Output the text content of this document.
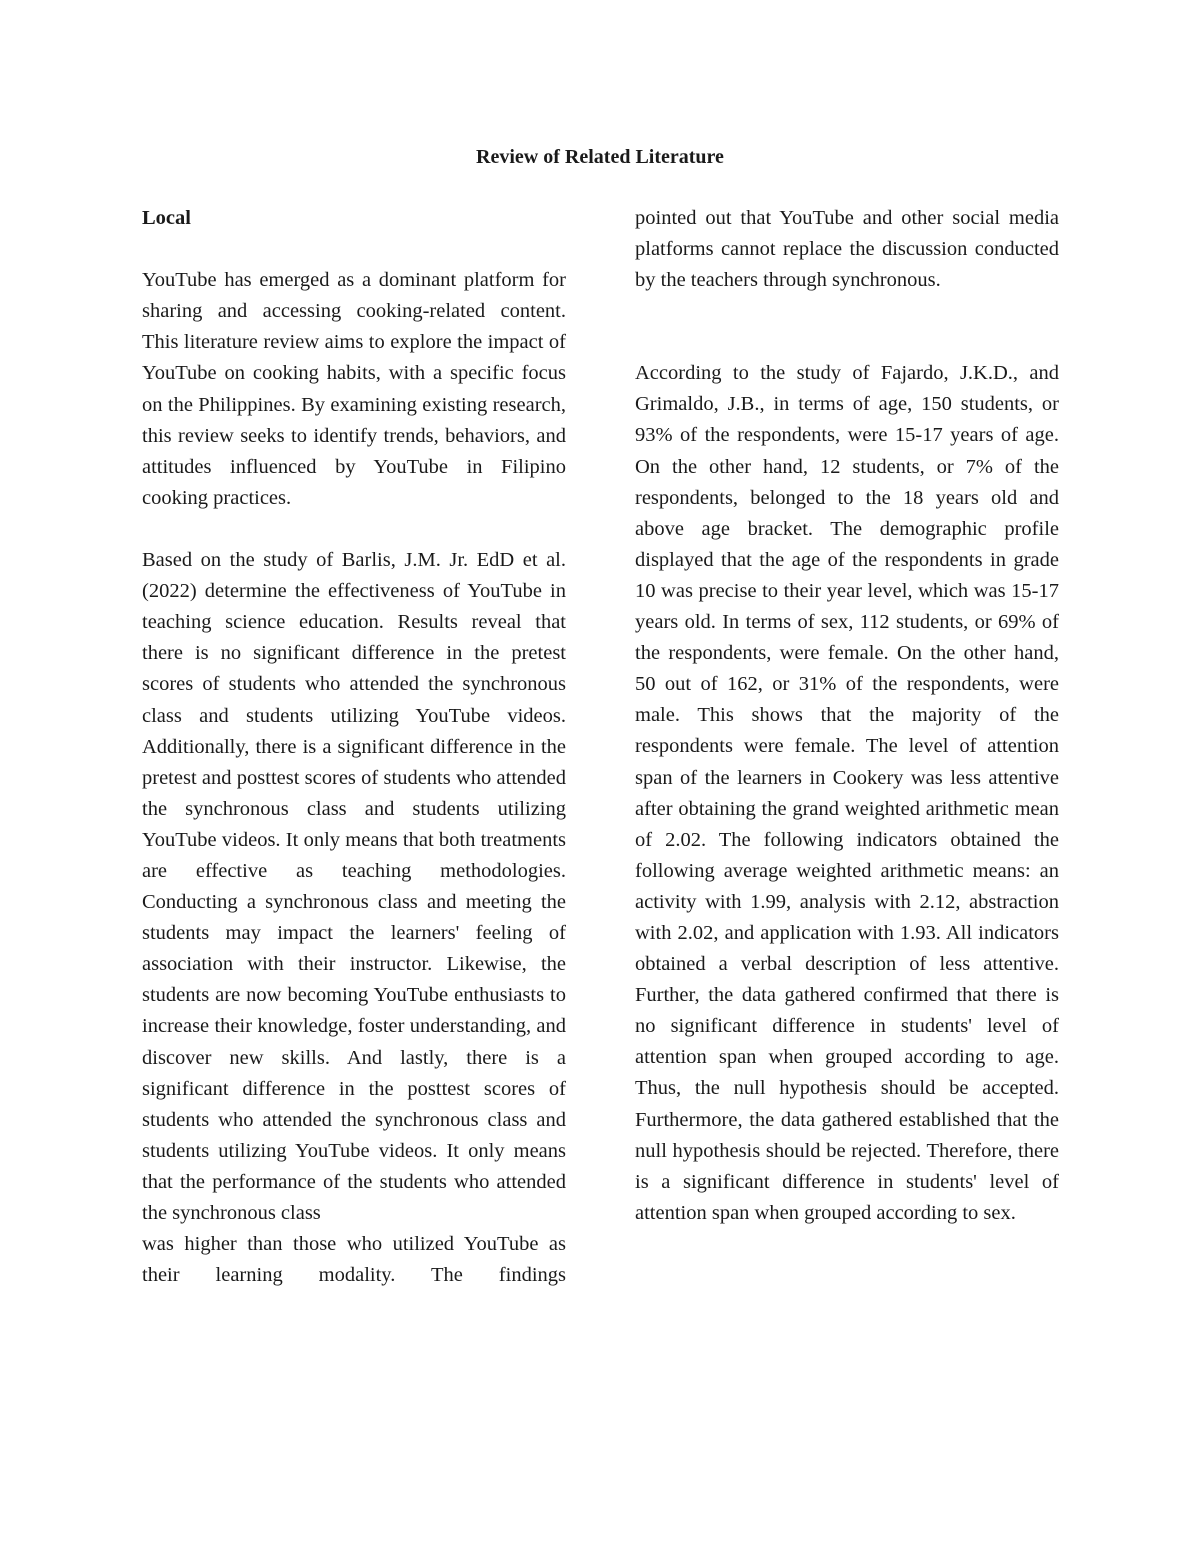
Review of Related Literature
Local

YouTube has emerged as a dominant platform for sharing and accessing cooking-related content. This literature review aims to explore the impact of YouTube on cooking habits, with a specific focus on the Philippines. By examining existing research, this review seeks to identify trends, behaviors, and attitudes influenced by YouTube in Filipino cooking practices.

Based on the study of Barlis, J.M. Jr. EdD et al. (2022) determine the effectiveness of YouTube in teaching science education. Results reveal that there is no significant difference in the pretest scores of students who attended the synchronous class and students utilizing YouTube videos. Additionally, there is a significant difference in the pretest and posttest scores of students who attended the synchronous class and students utilizing YouTube videos. It only means that both treatments are effective as teaching methodologies. Conducting a synchronous class and meeting the students may impact the learners' feeling of association with their instructor. Likewise, the students are now becoming YouTube enthusiasts to increase their knowledge, foster understanding, and discover new skills. And lastly, there is a significant difference in the posttest scores of students who attended the synchronous class and students utilizing YouTube videos. It only means that the performance of the students who attended the synchronous class

was higher than those who utilized YouTube as their learning modality. The findings

pointed out that YouTube and other social media platforms cannot replace the discussion conducted by the teachers through synchronous.

According to the study of Fajardo, J.K.D., and Grimaldo, J.B., in terms of age, 150 students, or 93% of the respondents, were 15-17 years of age. On the other hand, 12 students, or 7% of the respondents, belonged to the 18 years old and above age bracket. The demographic profile displayed that the age of the respondents in grade 10 was precise to their year level, which was 15-17 years old. In terms of sex, 112 students, or 69% of the respondents, were female. On the other hand, 50 out of 162, or 31% of the respondents, were male. This shows that the majority of the respondents were female. The level of attention span of the learners in Cookery was less attentive after obtaining the grand weighted arithmetic mean of 2.02. The following indicators obtained the following average weighted arithmetic means: an activity with 1.99, analysis with 2.12, abstraction with 2.02, and application with 1.93. All indicators obtained a verbal description of less attentive. Further, the data gathered confirmed that there is no significant difference in students' level of attention span when grouped according to age. Thus, the null hypothesis should be accepted. Furthermore, the data gathered established that the null hypothesis should be rejected. Therefore, there is a significant difference in students' level of attention span when grouped according to sex.
